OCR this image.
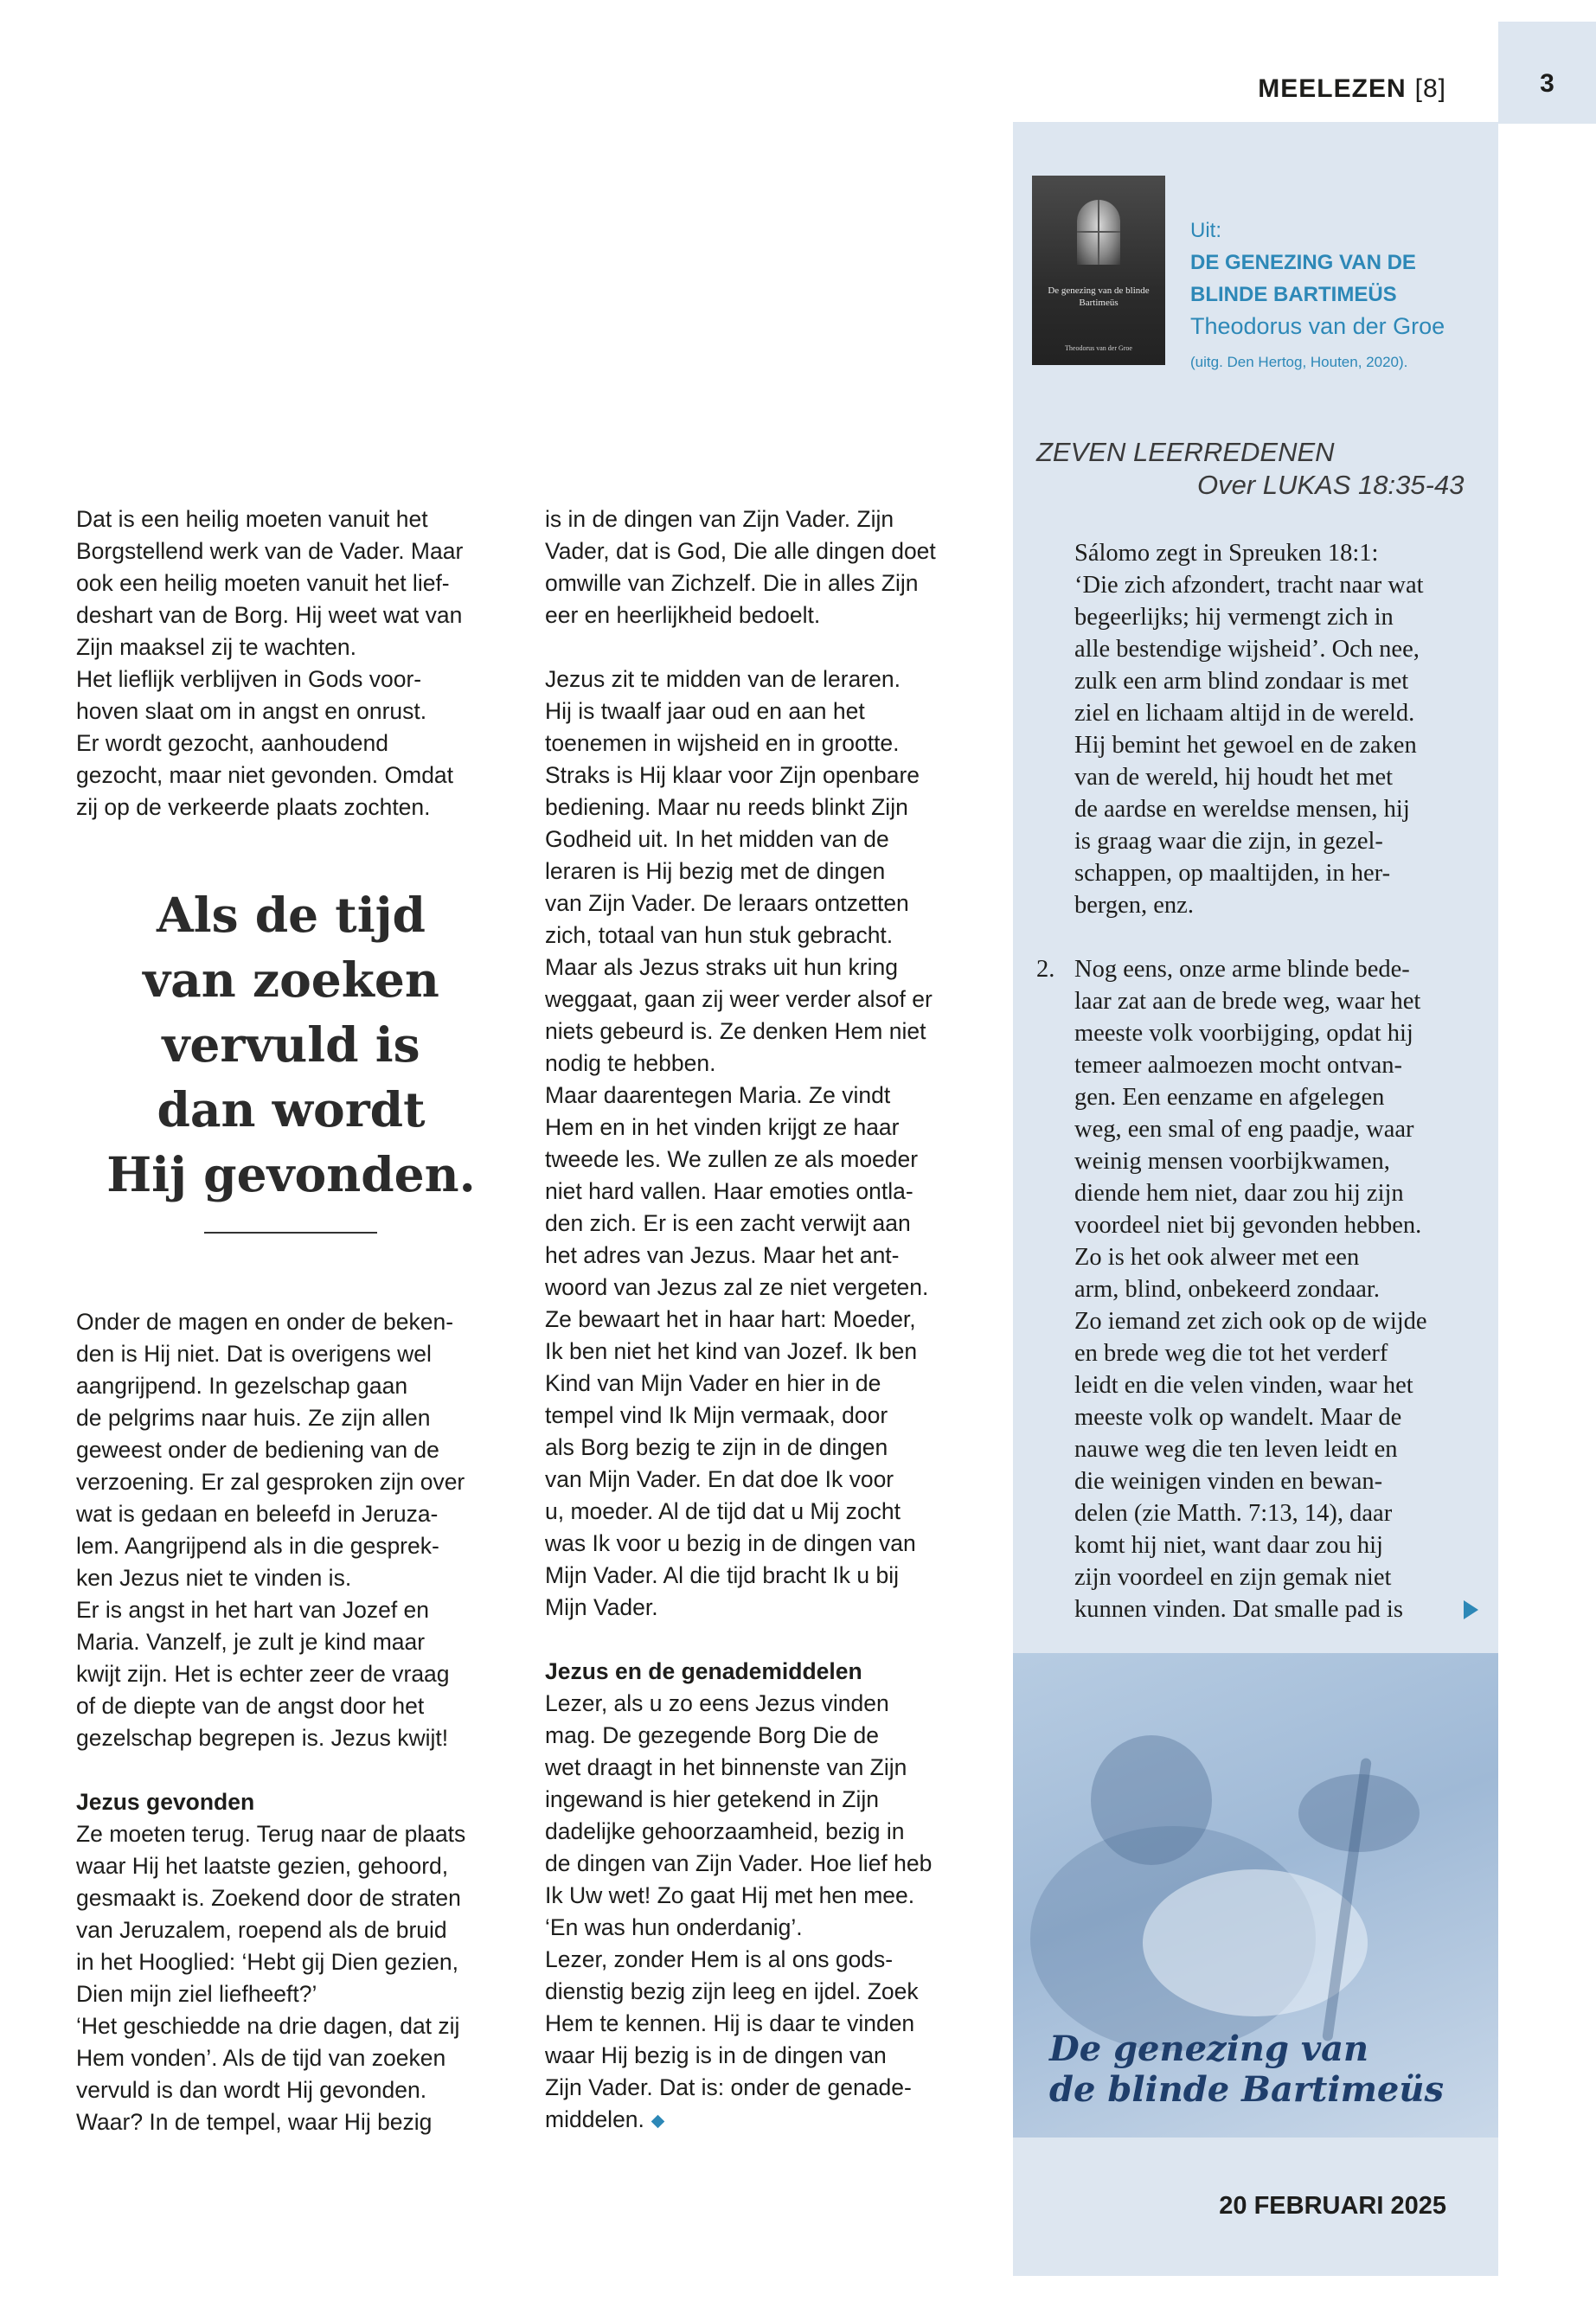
3
MEELEZEN [8]
De genezing van de blinde Bartimeüs
Theodorus van der Groe
Uit:
DE GENEZING VAN DE
BLINDE BARTIMEÜS
Theodorus van der Groe
(uitg. Den Hertog, Houten, 2020).

Dat is een heilig moeten vanuit het

Borgstellend werk van de Vader. Maar

ook een heilig moeten vanuit het lief-

deshart van de Borg. Hij weet wat van

Zijn maaksel zij te wachten.

Het lieflijk verblijven in Gods voor-

hoven slaat om in angst en onrust.

Er wordt gezocht, aanhoudend

gezocht, maar niet gevonden. Omdat

zij op de verkeerde plaats zochten.

Als de tijd
van zoeken
vervuld is
dan wordt
Hij gevonden.

Onder de magen en onder de beken-

den is Hij niet. Dat is overigens wel

aangrijpend. In gezelschap gaan

de pelgrims naar huis. Ze zijn allen

geweest onder de bediening van de

verzoening. Er zal gesproken zijn over

wat is gedaan en beleefd in Jeruza-

lem. Aangrijpend als in die gesprek-

ken Jezus niet te vinden is.

Er is angst in het hart van Jozef en

Maria. Vanzelf, je zult je kind maar

kwijt zijn. Het is echter zeer de vraag

of de diepte van de angst door het

gezelschap begrepen is. Jezus kwijt!

Jezus gevonden

Ze moeten terug. Terug naar de plaats

waar Hij het laatste gezien, gehoord,

gesmaakt is. Zoekend door de straten

van Jeruzalem, roepend als de bruid

in het Hooglied: ‘Hebt gij Dien gezien,

Dien mijn ziel liefheeft?’

‘Het geschiedde na drie dagen, dat zij

Hem vonden’. Als de tijd van zoeken

vervuld is dan wordt Hij gevonden.

Waar? In de tempel, waar Hij bezig

is in de dingen van Zijn Vader. Zijn

Vader, dat is God, Die alle dingen doet

omwille van Zichzelf. Die in alles Zijn

eer en heerlijkheid bedoelt.

Jezus zit te midden van de leraren.

Hij is twaalf jaar oud en aan het

toenemen in wijsheid en in grootte.

Straks is Hij klaar voor Zijn openbare

bediening. Maar nu reeds blinkt Zijn

Godheid uit. In het midden van de

leraren is Hij bezig met de dingen

van Zijn Vader. De leraars ontzetten

zich, totaal van hun stuk gebracht.

Maar als Jezus straks uit hun kring

weggaat, gaan zij weer verder alsof er

niets gebeurd is. Ze denken Hem niet

nodig te hebben.

Maar daarentegen Maria. Ze vindt

Hem en in het vinden krijgt ze haar

tweede les. We zullen ze als moeder

niet hard vallen. Haar emoties ontla-

den zich. Er is een zacht verwijt aan

het adres van Jezus. Maar het ant-

woord van Jezus zal ze niet vergeten.

Ze bewaart het in haar hart: Moeder,

Ik ben niet het kind van Jozef. Ik ben

Kind van Mijn Vader en hier in de

tempel vind Ik Mijn vermaak, door

als Borg bezig te zijn in de dingen

van Mijn Vader. En dat doe Ik voor

u, moeder. Al de tijd dat u Mij zocht

was Ik voor u bezig in de dingen van

Mijn Vader. Al die tijd bracht Ik u bij

Mijn Vader.

Jezus en de genademiddelen

Lezer, als u zo eens Jezus vinden

mag. De gezegende Borg Die de

wet draagt in het binnenste van Zijn

ingewand is hier getekend in Zijn

dadelijke gehoorzaamheid, bezig in

de dingen van Zijn Vader. Hoe lief heb

Ik Uw wet! Zo gaat Hij met hen mee.

‘En was hun onderdanig’.

Lezer, zonder Hem is al ons gods-

dienstig bezig zijn leeg en ijdel. Zoek

Hem te kennen. Hij is daar te vinden

waar Hij bezig is in de dingen van

Zijn Vader. Dat is: onder de genade-

middelen.

ZEVEN LEERREDENEN
Over LUKAS 18:35-43

Sálomo zegt in Spreuken 18:1:

‘Die zich afzondert, tracht naar wat

begeerlijks; hij vermengt zich in

alle bestendige wijsheid’. Och nee,

zulk een arm blind zondaar is met

ziel en lichaam altijd in de wereld.

Hij bemint het gewoel en de zaken

van de wereld, hij houdt het met

de aardse en wereldse mensen, hij

is graag waar die zijn, in gezel-

schappen, op maaltijden, in her-

bergen, enz.

2. Nog eens, onze arme blinde bede-

laar zat aan de brede weg, waar het

meeste volk voorbijging, opdat hij

temeer aalmoezen mocht ontvan-

gen. Een eenzame en afgelegen

weg, een smal of eng paadje, waar

weinig mensen voorbijkwamen,

diende hem niet, daar zou hij zijn

voordeel niet bij gevonden hebben.

Zo is het ook alweer met een

arm, blind, onbekeerd zondaar.

Zo iemand zet zich ook op de wijde

en brede weg die tot het verderf

leidt en die velen vinden, waar het

meeste volk op wandelt. Maar de

nauwe weg die ten leven leidt en

die weinigen vinden en bewan-

delen (zie Matth. 7:13, 14), daar

komt hij niet, want daar zou hij

zijn voordeel en zijn gemak niet

kunnen vinden. Dat smalle pad is

De genezing van
de blinde Bartimeüs
20 FEBRUARI 2025
